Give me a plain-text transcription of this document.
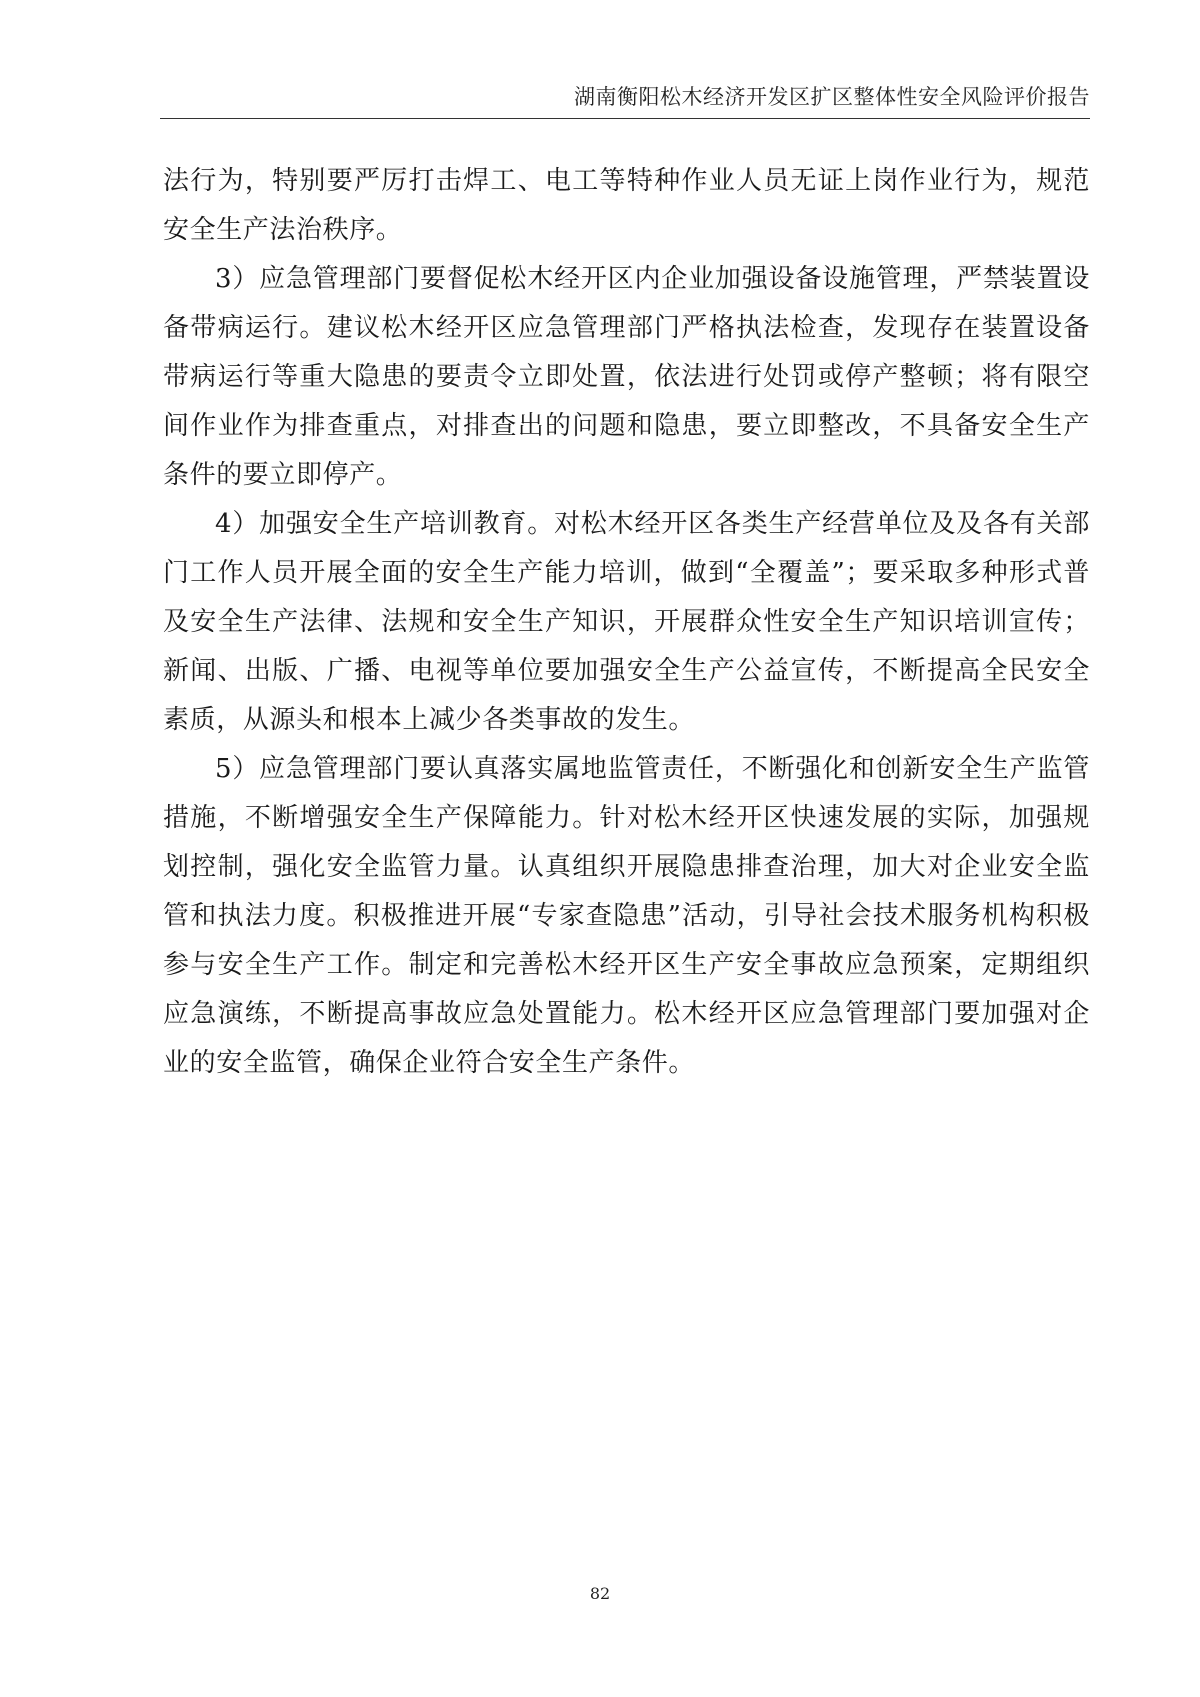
湖南衡阳松木经济开发区扩区整体性安全风险评价报告

法行为，特别要严厉打击焊工、电工等特种作业人员无证上岗作业行为，规范安全生产法治秩序。

3）应急管理部门要督促松木经开区内企业加强设备设施管理，严禁装置设备带病运行。建议松木经开区应急管理部门严格执法检查，发现存在装置设备带病运行等重大隐患的要责令立即处置，依法进行处罚或停产整顿；将有限空间作业作为排查重点，对排查出的问题和隐患，要立即整改，不具备安全生产条件的要立即停产。

4）加强安全生产培训教育。对松木经开区各类生产经营单位及及各有关部门工作人员开展全面的安全生产能力培训，做到“全覆盖”；要采取多种形式普及安全生产法律、法规和安全生产知识，开展群众性安全生产知识培训宣传；新闻、出版、广播、电视等单位要加强安全生产公益宣传，不断提高全民安全素质，从源头和根本上减少各类事故的发生。

5）应急管理部门要认真落实属地监管责任，不断强化和创新安全生产监管措施，不断增强安全生产保障能力。针对松木经开区快速发展的实际，加强规划控制，强化安全监管力量。认真组织开展隐患排查治理，加大对企业安全监管和执法力度。积极推进开展“专家查隐患”活动，引导社会技术服务机构积极参与安全生产工作。制定和完善松木经开区生产安全事故应急预案，定期组织应急演练，不断提高事故应急处置能力。松木经开区应急管理部门要加强对企业的安全监管，确保企业符合安全生产条件。

82
